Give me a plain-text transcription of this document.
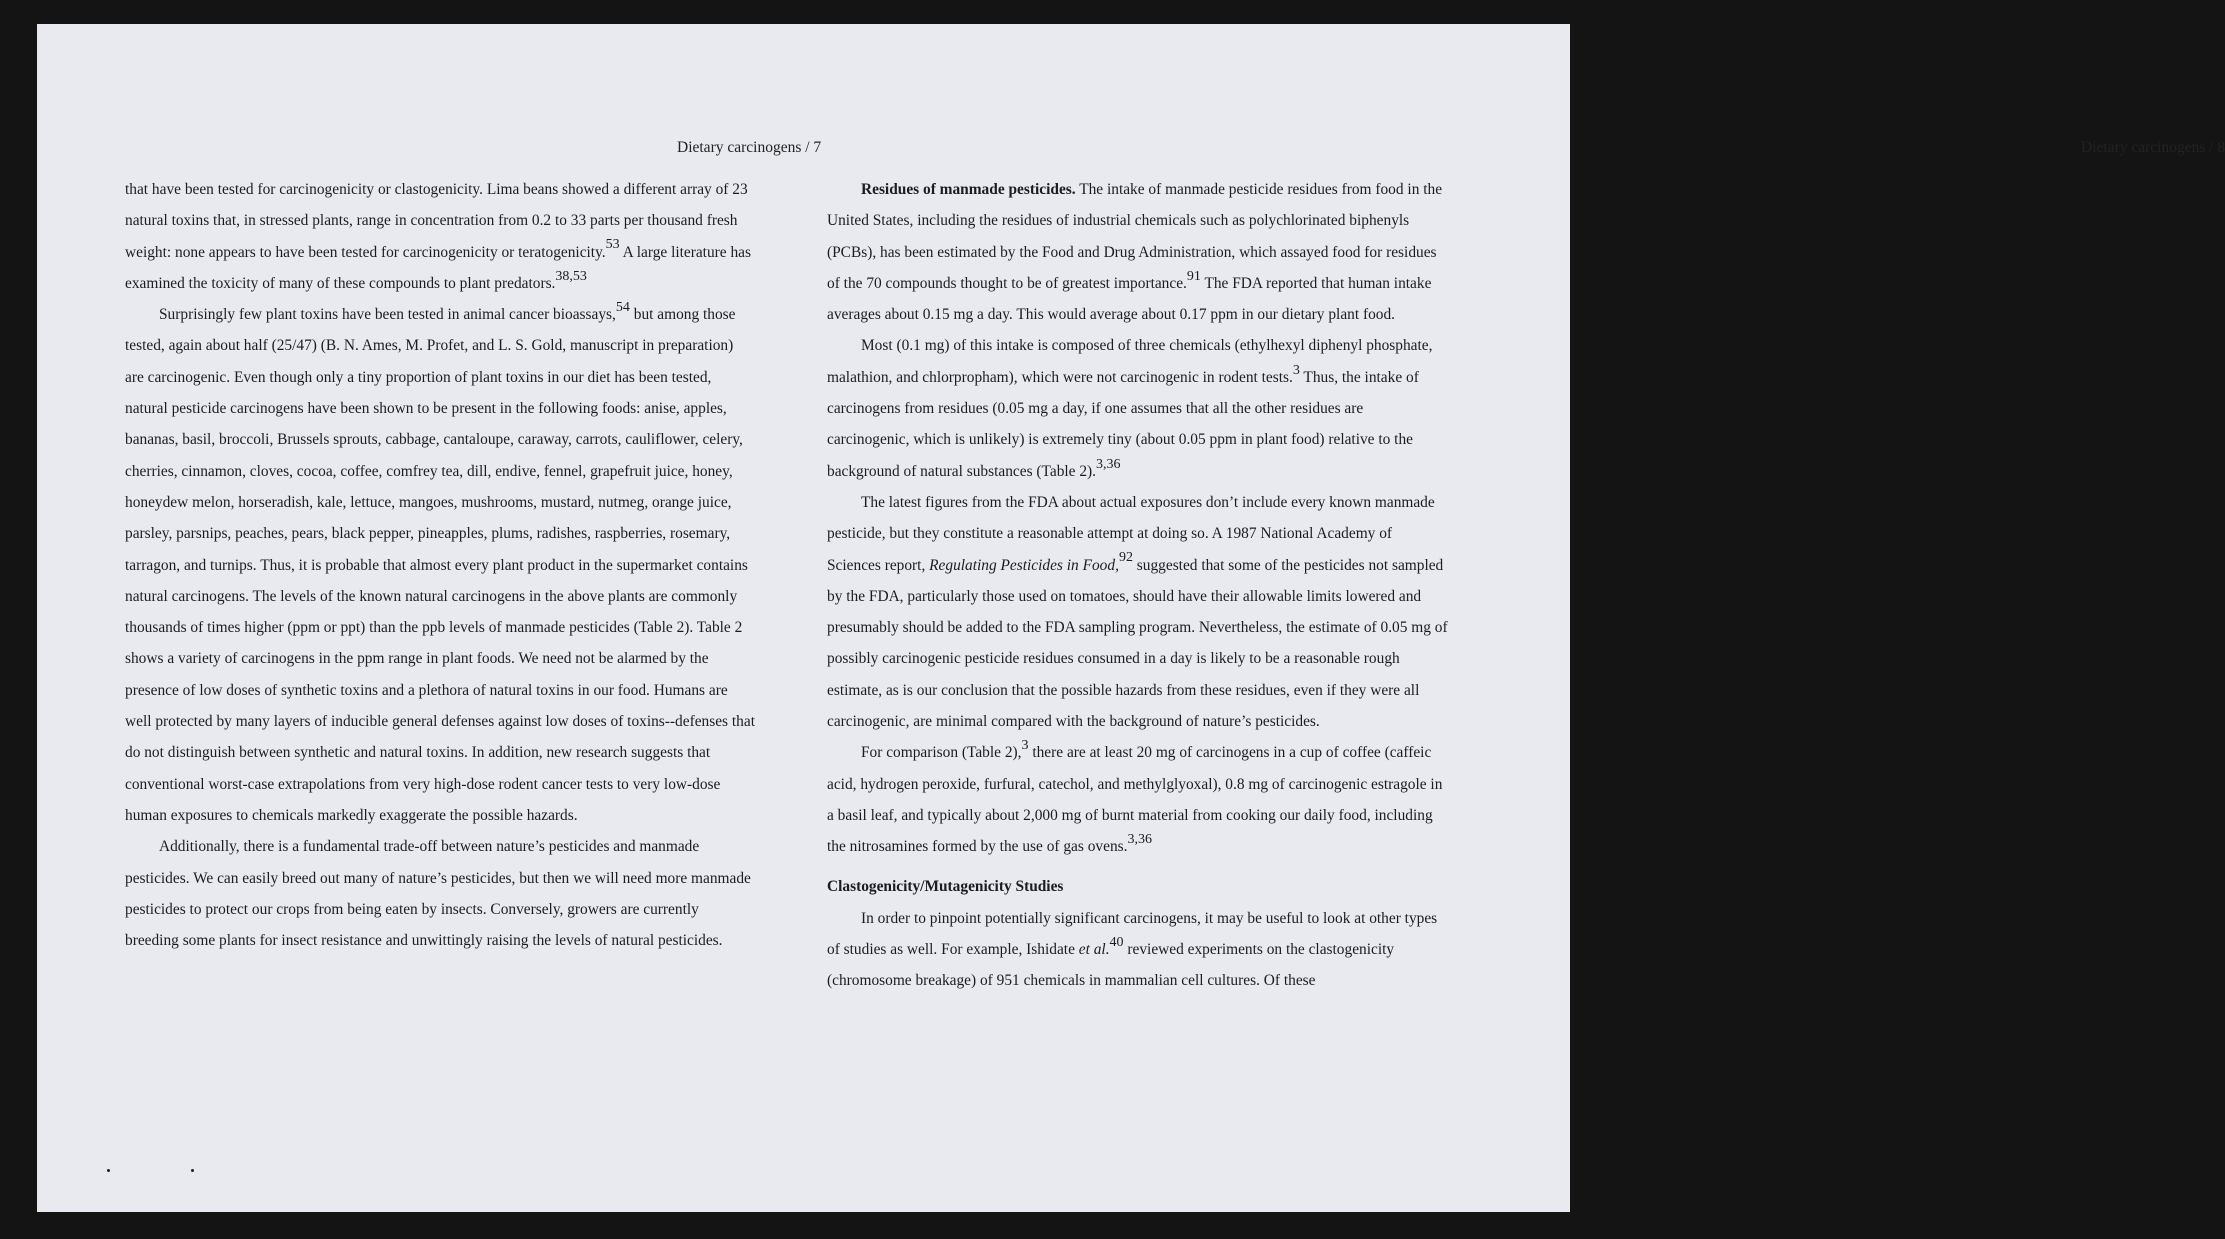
Dietary carcinogens / 7

that have been tested for carcinogenicity or clastogenicity. Lima beans showed a different array of 23 natural toxins that, in stressed plants, range in concentration from 0.2 to 33 parts per thousand fresh weight: none appears to have been tested for carcinogenicity or teratogenicity.$^{53}$ A large literature has examined the toxicity of many of these compounds to plant predators.$^{38,53}$

Surprisingly few plant toxins have been tested in animal cancer bioassays,$^{54}$ but among those tested, again about half (25/47) (B. N. Ames, M. Profet, and L. S. Gold, manuscript in preparation) are carcinogenic. Even though only a tiny proportion of plant toxins in our diet has been tested, natural pesticide carcinogens have been shown to be present in the following foods: anise, apples, bananas, basil, broccoli, Brussels sprouts, cabbage, cantaloupe, caraway, carrots, cauliflower, celery, cherries, cinnamon, cloves, cocoa, coffee, comfrey tea, dill, endive, fennel, grapefruit juice, honey, honeydew melon, horseradish, kale, lettuce, mangoes, mushrooms, mustard, nutmeg, orange juice, parsley, parsnips, peaches, pears, black pepper, pineapples, plums, radishes, raspberries, rosemary, tarragon, and turnips. Thus, it is probable that almost every plant product in the supermarket contains natural carcinogens. The levels of the known natural carcinogens in the above plants are commonly thousands of times higher (ppm or ppt) than the ppb levels of manmade pesticides (Table 2). Table 2 shows a variety of carcinogens in the ppm range in plant foods. We need not be alarmed by the presence of low doses of synthetic toxins and a plethora of natural toxins in our food. Humans are well protected by many layers of inducible general defenses against low doses of toxins--defenses that do not distinguish between synthetic and natural toxins. In addition, new research suggests that conventional worst-case extrapolations from very high-dose rodent cancer tests to very low-dose human exposures to chemicals markedly exaggerate the possible hazards.

Additionally, there is a fundamental trade-off between nature’s pesticides and manmade pesticides. We can easily breed out many of nature’s pesticides, but then we will need more manmade pesticides to protect our crops from being eaten by insects. Conversely, growers are currently breeding some plants for insect resistance and unwittingly raising the levels of natural pesticides.

Dietary carcinogens / 8

Residues of manmade pesticides. The intake of manmade pesticide residues from food in the United States, including the residues of industrial chemicals such as polychlorinated biphenyls (PCBs), has been estimated by the Food and Drug Administration, which assayed food for residues of the 70 compounds thought to be of greatest importance.$^{91}$ The FDA reported that human intake averages about 0.15 mg a day. This would average about 0.17 ppm in our dietary plant food.

Most (0.1 mg) of this intake is composed of three chemicals (ethylhexyl diphenyl phosphate, malathion, and chlorpropham), which were not carcinogenic in rodent tests.$^3$ Thus, the intake of carcinogens from residues (0.05 mg a day, if one assumes that all the other residues are carcinogenic, which is unlikely) is extremely tiny (about 0.05 ppm in plant food) relative to the background of natural substances (Table 2).$^{3,36}$

The latest figures from the FDA about actual exposures don’t include every known manmade pesticide, but they constitute a reasonable attempt at doing so. A 1987 National Academy of Sciences report, Regulating Pesticides in Food,$^{92}$ suggested that some of the pesticides not sampled by the FDA, particularly those used on tomatoes, should have their allowable limits lowered and presumably should be added to the FDA sampling program. Nevertheless, the estimate of 0.05 mg of possibly carcinogenic pesticide residues consumed in a day is likely to be a reasonable rough estimate, as is our conclusion that the possible hazards from these residues, even if they were all carcinogenic, are minimal compared with the background of nature’s pesticides.

For comparison (Table 2),$^3$ there are at least 20 mg of carcinogens in a cup of coffee (caffeic acid, hydrogen peroxide, furfural, catechol, and methylglyoxal), 0.8 mg of carcinogenic estragole in a basil leaf, and typically about 2,000 mg of burnt material from cooking our daily food, including the nitrosamines formed by the use of gas ovens.$^{3,36}$

Clastogenicity/Mutagenicity Studies

In order to pinpoint potentially significant carcinogens, it may be useful to look at other types of studies as well. For example, Ishidate et al.$^{40}$ reviewed experiments on the clastogenicity (chromosome breakage) of 951 chemicals in mammalian cell cultures. Of these
